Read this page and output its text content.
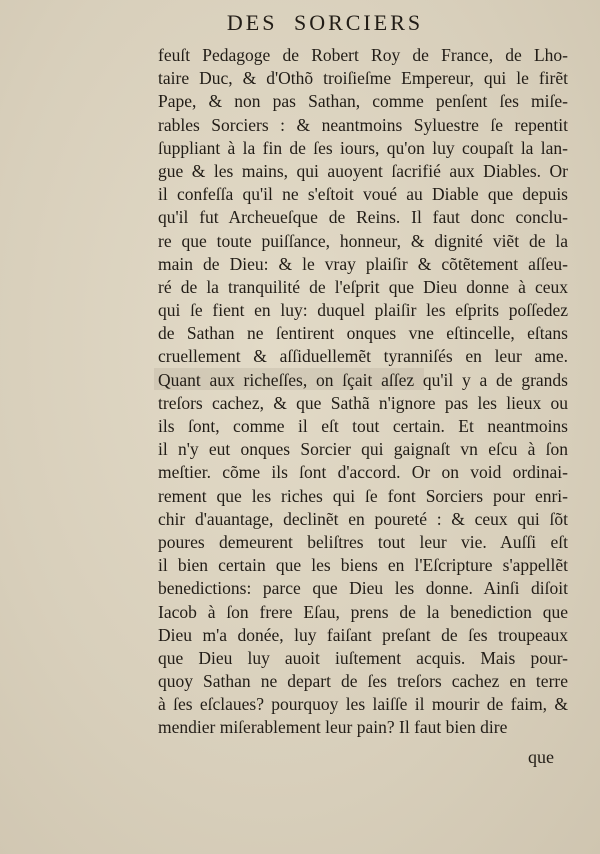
DES SORCIERS
feuſt Pedagoge de Robert Roy de France, de Lho-
taire Duc, & d'Othõ troiſieſme Empereur, qui le firẽt
Pape, & non pas Sathan, comme penſent ſes miſe-
rables Sorciers : & neantmoins Syluestre ſe repentit
ſuppliant à la fin de ſes iours, qu'on luy coupaſt la lan-
gue & les mains, qui auoyent ſacrifié aux Diables. Or
il confeſſa qu'il ne s'eſtoit voué au Diable que depuis
qu'il fut Archeueſque de Reins. Il faut donc conclu-
re que toute puiſſance, honneur, & dignité viẽt de la
main de Dieu: & le vray plaiſir & cõtẽtement aſſeu-
ré de la tranquilité de l'eſprit que Dieu donne à ceux
qui ſe fient en luy: duquel plaiſir les eſprits poſſedez
de Sathan ne ſentirent onques vne eſtincelle, eſtans
cruellement & aſſiduellemẽt tyranniſés en leur ame.
Quant aux richeſſes, on ſçait aſſez qu'il y a de grands
treſors cachez, & que Sathã n'ignore pas les lieux ou
ils ſont, comme il eſt tout certain. Et neantmoins
il n'y eut onques Sorcier qui gaignaſt vn eſcu à ſon
meſtier. cõme ils ſont d'accord. Or on void ordinai-
rement que les riches qui ſe font Sorciers pour enri-
chir d'auantage, declinẽt en poureté : & ceux qui ſõt
poures demeurent beliſtres tout leur vie. Auſſi eſt
il bien certain que les biens en l'Eſcripture s'appellẽt
benedictions: parce que Dieu les donne. Ainſi diſoit
Iacob à ſon frere Eſau, prens de la benediction que
Dieu m'a donée, luy faiſant preſant de ſes troupeaux
que Dieu luy auoit iuſtement acquis. Mais pour-
quoy Sathan ne depart de ſes treſors cachez en terre
à ſes eſclaues? pourquoy les laiſſe il mourir de faim, &
mendier miſerablement leur pain? Il faut bien dire
que
